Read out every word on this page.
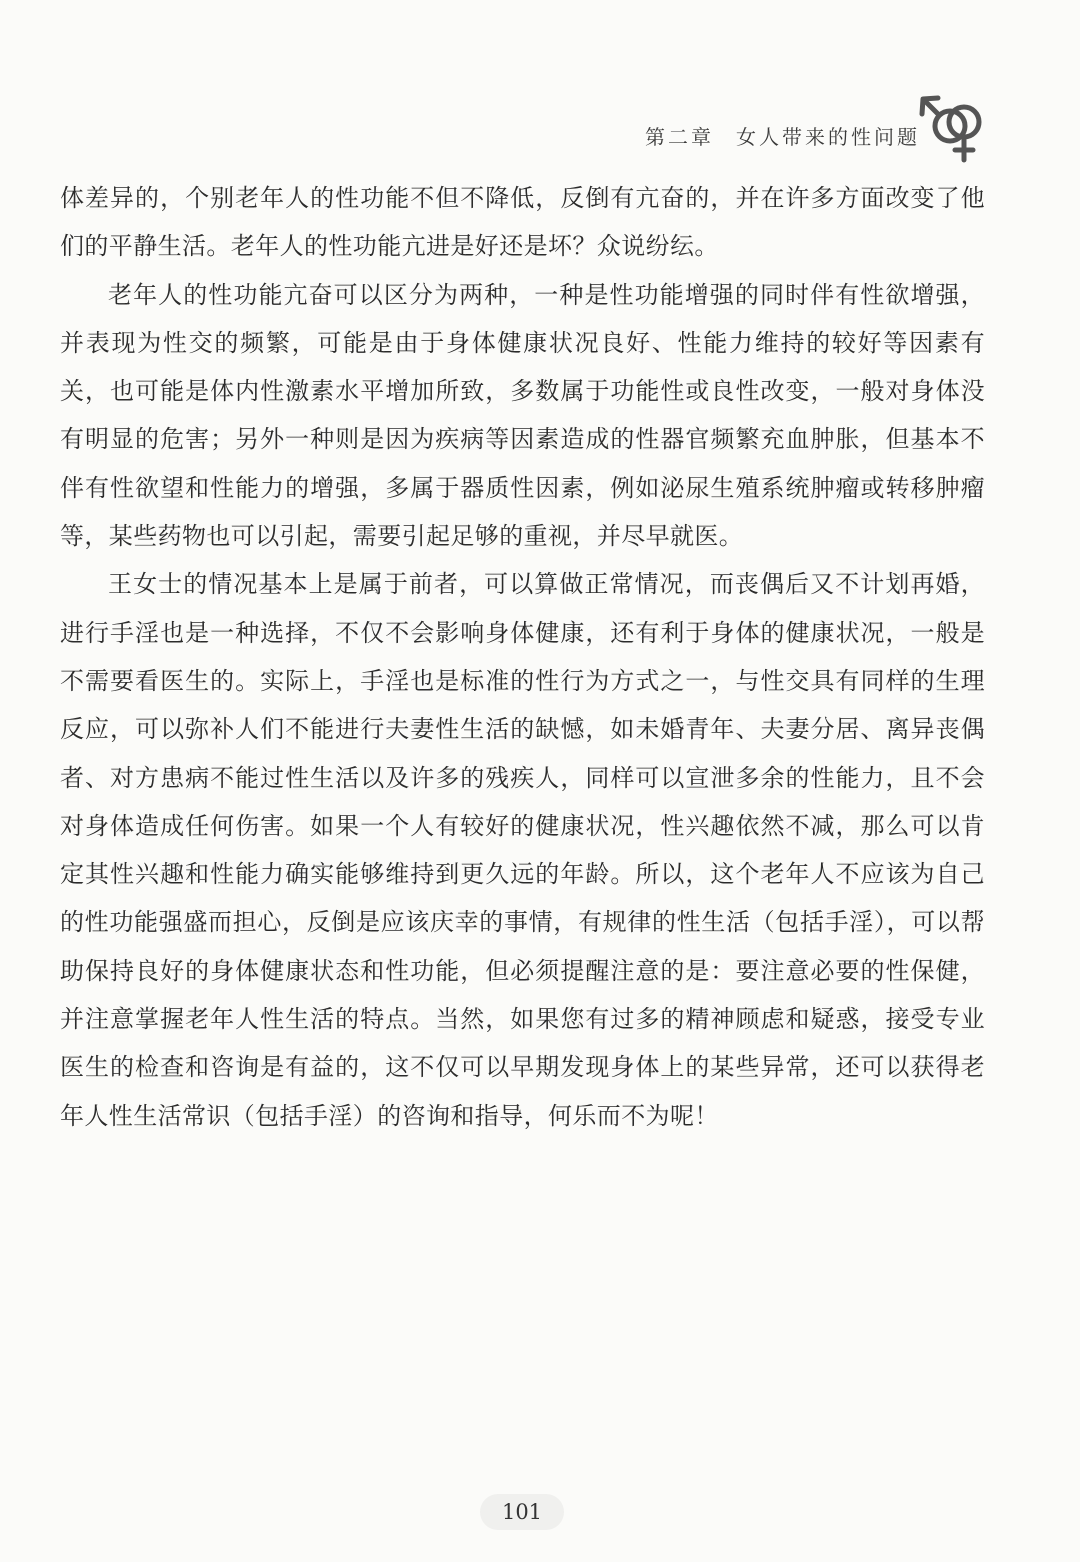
第二章 女人带来的性问题

体差异的，个别老年人的性功能不但不降低，反倒有亢奋的，并在许多方面改变了他们的平静生活。老年人的性功能亢进是好还是坏？众说纷纭。

老年人的性功能亢奋可以区分为两种，一种是性功能增强的同时伴有性欲增强，并表现为性交的频繁，可能是由于身体健康状况良好、性能力维持的较好等因素有关，也可能是体内性激素水平增加所致，多数属于功能性或良性改变，一般对身体没有明显的危害；另外一种则是因为疾病等因素造成的性器官频繁充血肿胀，但基本不伴有性欲望和性能力的增强，多属于器质性因素，例如泌尿生殖系统肿瘤或转移肿瘤等，某些药物也可以引起，需要引起足够的重视，并尽早就医。

王女士的情况基本上是属于前者，可以算做正常情况，而丧偶后又不计划再婚，进行手淫也是一种选择，不仅不会影响身体健康，还有利于身体的健康状况，一般是不需要看医生的。实际上，手淫也是标准的性行为方式之一，与性交具有同样的生理反应，可以弥补人们不能进行夫妻性生活的缺憾，如未婚青年、夫妻分居、离异丧偶者、对方患病不能过性生活以及许多的残疾人，同样可以宣泄多余的性能力，且不会对身体造成任何伤害。如果一个人有较好的健康状况，性兴趣依然不减，那么可以肯定其性兴趣和性能力确实能够维持到更久远的年龄。所以，这个老年人不应该为自己的性功能强盛而担心，反倒是应该庆幸的事情，有规律的性生活（包括手淫），可以帮助保持良好的身体健康状态和性功能，但必须提醒注意的是：要注意必要的性保健，并注意掌握老年人性生活的特点。当然，如果您有过多的精神顾虑和疑惑，接受专业医生的检查和咨询是有益的，这不仅可以早期发现身体上的某些异常，还可以获得老年人性生活常识（包括手淫）的咨询和指导，何乐而不为呢！

101
